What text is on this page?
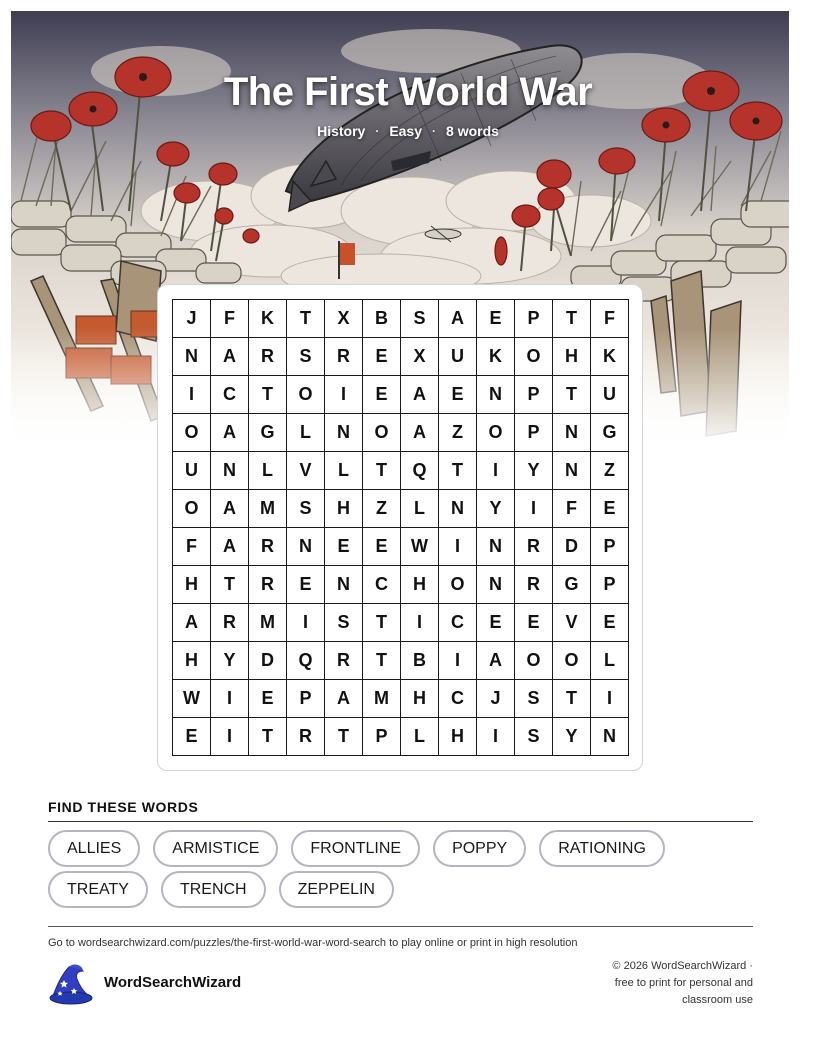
The First World War
History · Easy · 8 words
J	F	K	T	X	B	S	A	E	P	T	F
N	A	R	S	R	E	X	U	K	O	H	K
I	C	T	O	I	E	A	E	N	P	T	U
O	A	G	L	N	O	A	Z	O	P	N	G
U	N	L	V	L	T	Q	T	I	Y	N	Z
O	A	M	S	H	Z	L	N	Y	I	F	E
F	A	R	N	E	E	W	I	N	R	D	P
H	T	R	E	N	C	H	O	N	R	G	P
A	R	M	I	S	T	I	C	E	E	V	E
H	Y	D	Q	R	T	B	I	A	O	O	L
W	I	E	P	A	M	H	C	J	S	T	I
E	I	T	R	T	P	L	H	I	S	Y	N
FIND THESE WORDS
ALLIES	ARMISTICE	FRONTLINE	POPPY	RATIONING
TREATY	TRENCH	ZEPPELIN
Go to wordsearchwizard.com/puzzles/the-first-world-war-word-search to play online or print in high resolution
WordSearchWizard
© 2026 WordSearchWizard ·
free to print for personal and
classroom use
